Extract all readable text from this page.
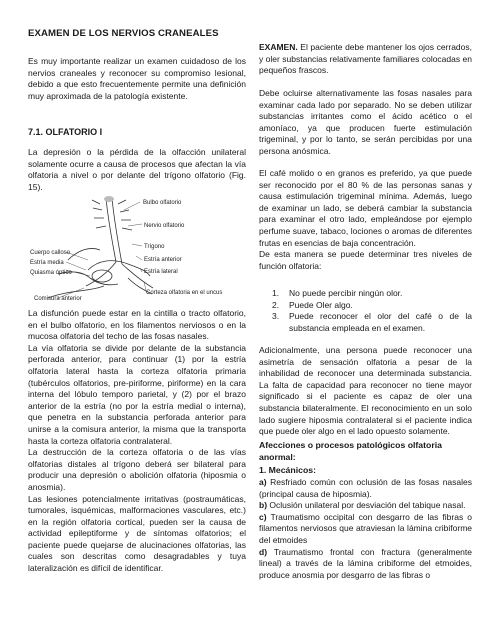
EXAMEN DE LOS NERVIOS CRANEALES

Es muy importante realizar un examen cuidadoso de los nervios craneales y reconocer su compromiso lesional, debido a que esto frecuentemente permite una definición muy aproximada de la patología existente.

7.1. OLFATORIO I

La depresión o la pérdida de la olfacción unilateral solamente ocurre a causa de procesos que afectan la vía olfatoria a nivel o por delante del trígono olfatorio (Fig. 15).

Bulbo olfatorio
Nervio olfatorio
Trígono
Estría anterior
Estría lateral
Cuerpo calloso
Estría media
Quiasma óptico
Corteza olfatoria en el uncus
Comisura anterior

La disfunción puede estar en la cintilla o tracto olfatorio, en el bulbo olfatorio, en los filamentos nerviosos o en la mucosa olfatoria del techo de las fosas nasales.

La vía olfatoria se divide por delante de la substancia perforada anterior, para continuar (1) por la estría olfatoria lateral hasta la corteza olfatoria primaria (tubérculos olfatorios, pre-piriforme, piriforme) en la cara interna del lóbulo temporo parietal, y (2) por el brazo anterior de la estría (no por la estría medial o interna), que penetra en la substancia perforada anterior para unirse a la comisura anterior, la misma que la transporta hasta la corteza olfatoria contralateral.

La destrucción de la corteza olfatoria o de las vías olfatorias distales al trígono deberá ser bilateral para producir una depresión o abolición olfatoria (hiposmia o anosmia).

Las lesiones potencialmente irritativas (postraumáticas, tumorales, isquémicas, malformaciones vasculares, etc.) en la región olfatoria cortical, pueden ser la causa de actividad epileptiforme y de síntomas olfatorios; el paciente puede quejarse de alucinaciones olfatorias, las cuales son descritas como desagradables y tuya lateralización es difícil de identificar.

EXAMEN. El paciente debe mantener los ojos cerrados, y oler substancias relativamente familiares colocadas en pequeños frascos.

Debe ocluirse alternativamente las fosas nasales para examinar cada lado por separado. No se deben utilizar substancias irritantes como el ácido acético o el amoníaco, ya que producen fuerte estimulación trigeminal, y por lo tanto, se serán percibidas por una persona anósmica.

El café molido o en granos es preferido, ya que puede ser reconocido por el 80 % de las personas sanas y causa estimulación trigeminal mínima. Además, luego de examinar un lado, se deberá cambiar la substancia para examinar el otro lado, empleándose por ejemplo perfume suave, tabaco, lociones o aromas de diferentes frutas en esencias de baja concentración.

De esta manera se puede determinar tres niveles de función olfatoria:

1. No puede percibir ningún olor.
2. Puede Oler algo.
3. Puede reconocer el olor del café o de la substancia empleada en el examen.

Adicionalmente, una persona puede reconocer una asimetría de sensación olfatoria a pesar de la inhabilidad de reconocer una determinada substancia. La falta de capacidad para reconocer no tiene mayor significado si el paciente es capaz de oler una substancia bilateralmente. El reconocimiento en un solo lado sugiere hiposmia contralateral si el paciente indica que puede oler algo en el lado opuesto solamente.

Afecciones o procesos patológicos olfatoria anormal:
1. Mecánicos:

a) Resfriado común con oclusión de las fosas nasales (principal causa de hiposmia).

b) Oclusión unilateral por desviación del tabique nasal.

c) Traumatismo occipital con desgarro de las fibras o filamentos nerviosos que atraviesan la lámina cribiforme del etmoides

d) Traumatismo frontal con fractura (generalmente lineal) a través de la lámina cribiforme del etmoides, produce anosmia por desgarro de las fibras o
